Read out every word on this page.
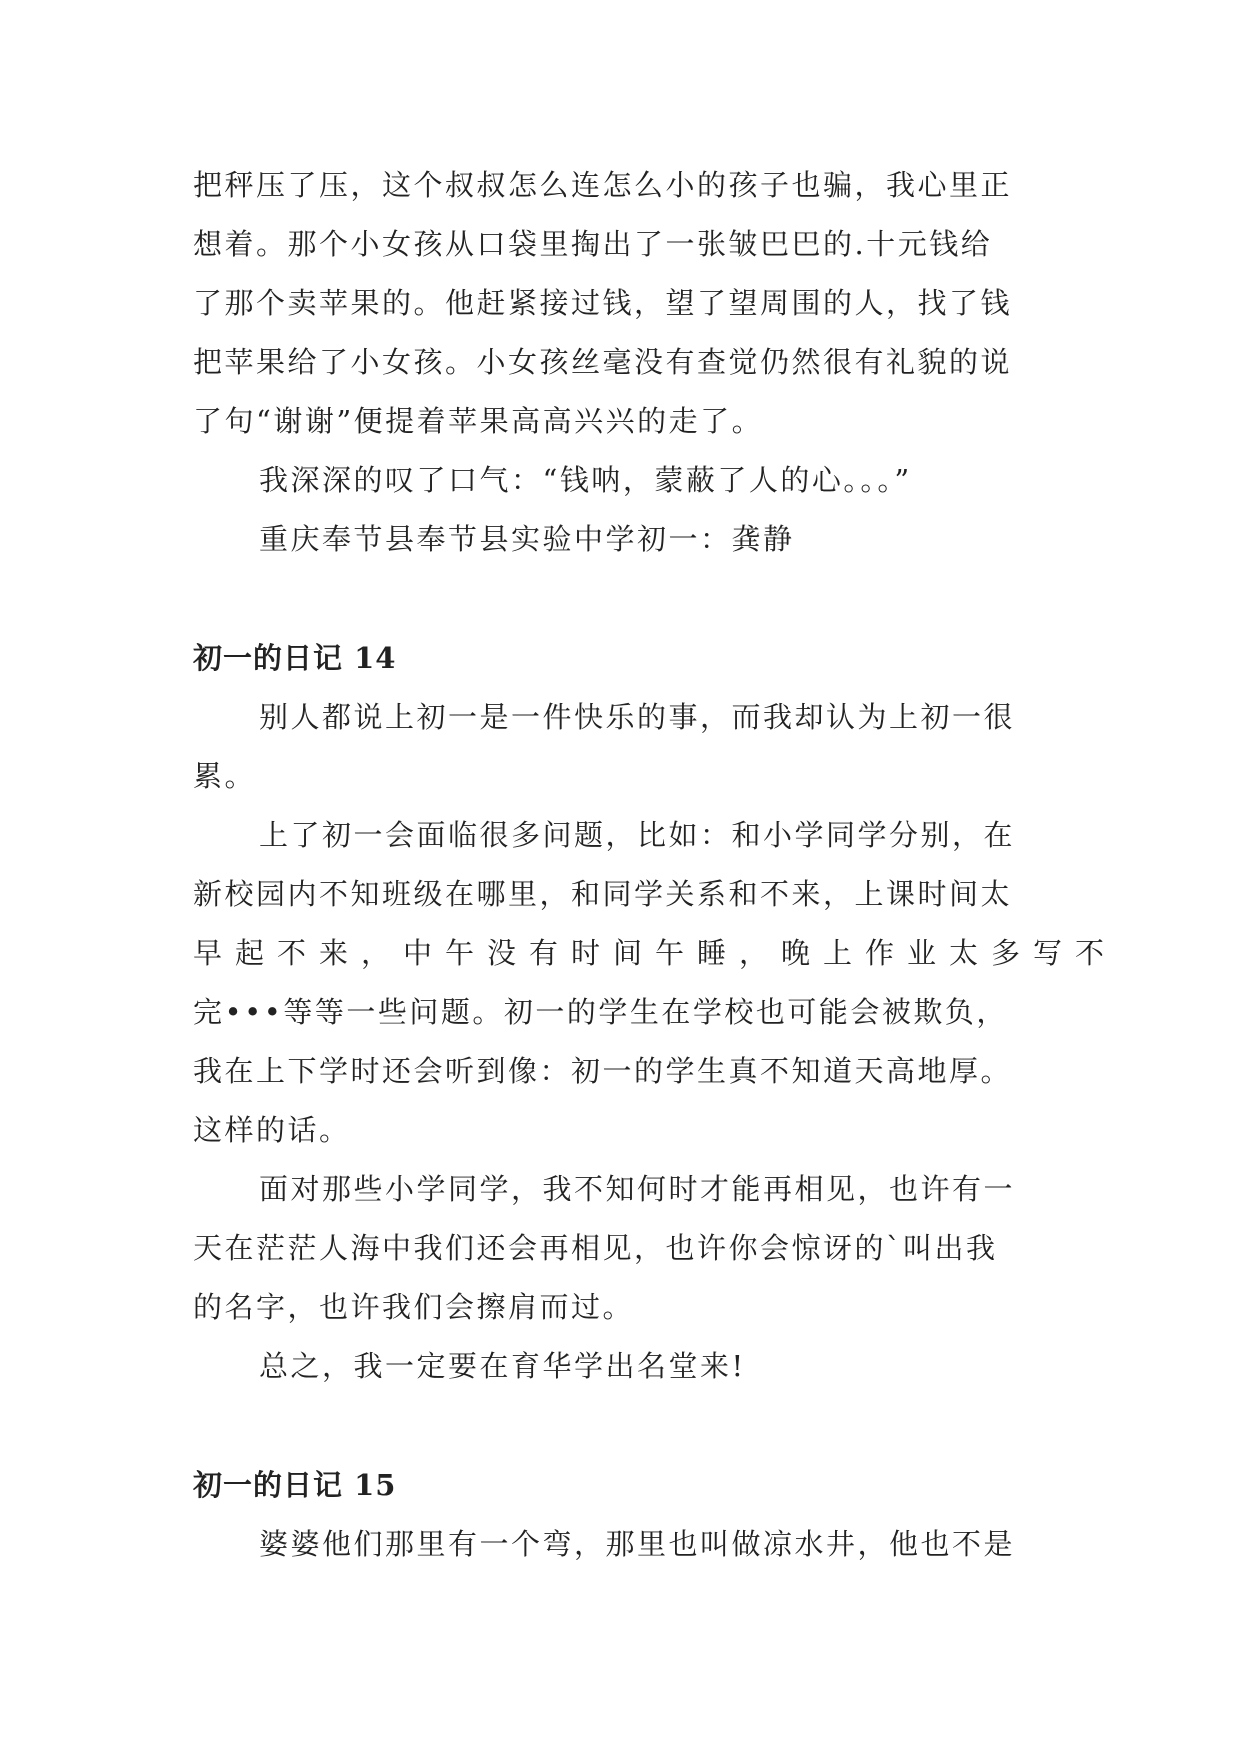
把秤压了压，这个叔叔怎么连怎么小的孩子也骗，我心里正

想着。那个小女孩从口袋里掏出了一张皱巴巴的.十元钱给

了那个卖苹果的。他赶紧接过钱，望了望周围的人，找了钱

把苹果给了小女孩。小女孩丝毫没有查觉仍然很有礼貌的说

了句“谢谢”便提着苹果高高兴兴的走了。

我深深的叹了口气：“钱呐，蒙蔽了人的心。。。”

重庆奉节县奉节县实验中学初一：龚静

初一的日记 14

别人都说上初一是一件快乐的事，而我却认为上初一很

累。

上了初一会面临很多问题，比如：和小学同学分别，在

新校园内不知班级在哪里，和同学关系和不来，上课时间太

早起不来，中午没有时间午睡，晚上作业太多写不

完•••等等一些问题。初一的学生在学校也可能会被欺负，

我在上下学时还会听到像：初一的学生真不知道天高地厚。

这样的话。

面对那些小学同学，我不知何时才能再相见，也许有一

天在茫茫人海中我们还会再相见，也许你会惊讶的`叫出我

的名字，也许我们会擦肩而过。

总之，我一定要在育华学出名堂来!

初一的日记 15

婆婆他们那里有一个弯，那里也叫做凉水井，他也不是
